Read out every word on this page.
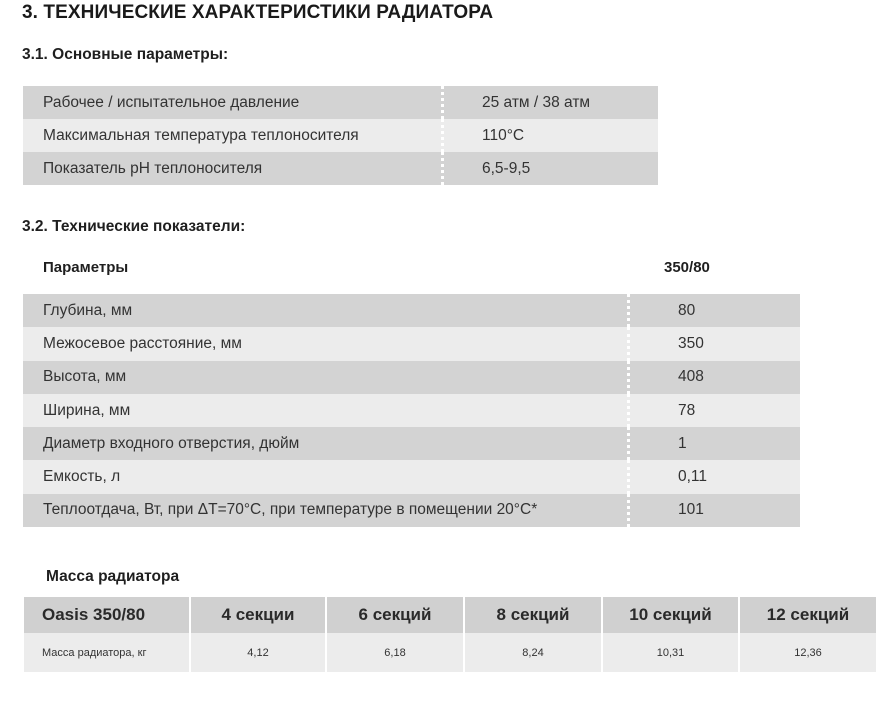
3. ТЕХНИЧЕСКИЕ ХАРАКТЕРИСТИКИ РАДИАТОРА
3.1. Основные параметры:
Рабочее / испытательное давление	25 атм / 38 атм
Максимальная температура теплоносителя	110°С
Показатель рН теплоносителя	6,5-9,5
3.2. Технические показатели:
Параметры	350/80
Глубина, мм	80
Межосевое расстояние, мм	350
Высота, мм	408
Ширина, мм	78
Диаметр входного отверстия, дюйм	1
Емкость, л	0,11
Теплоотдача, Вт, при ΔТ=70°С, при температуре в помещении 20°С*	101
Масса радиатора
Oasis 350/80	4 секции	6 секций	8 секций	10 секций	12 секций
Масса радиатора, кг	4,12	6,18	8,24	10,31	12,36
